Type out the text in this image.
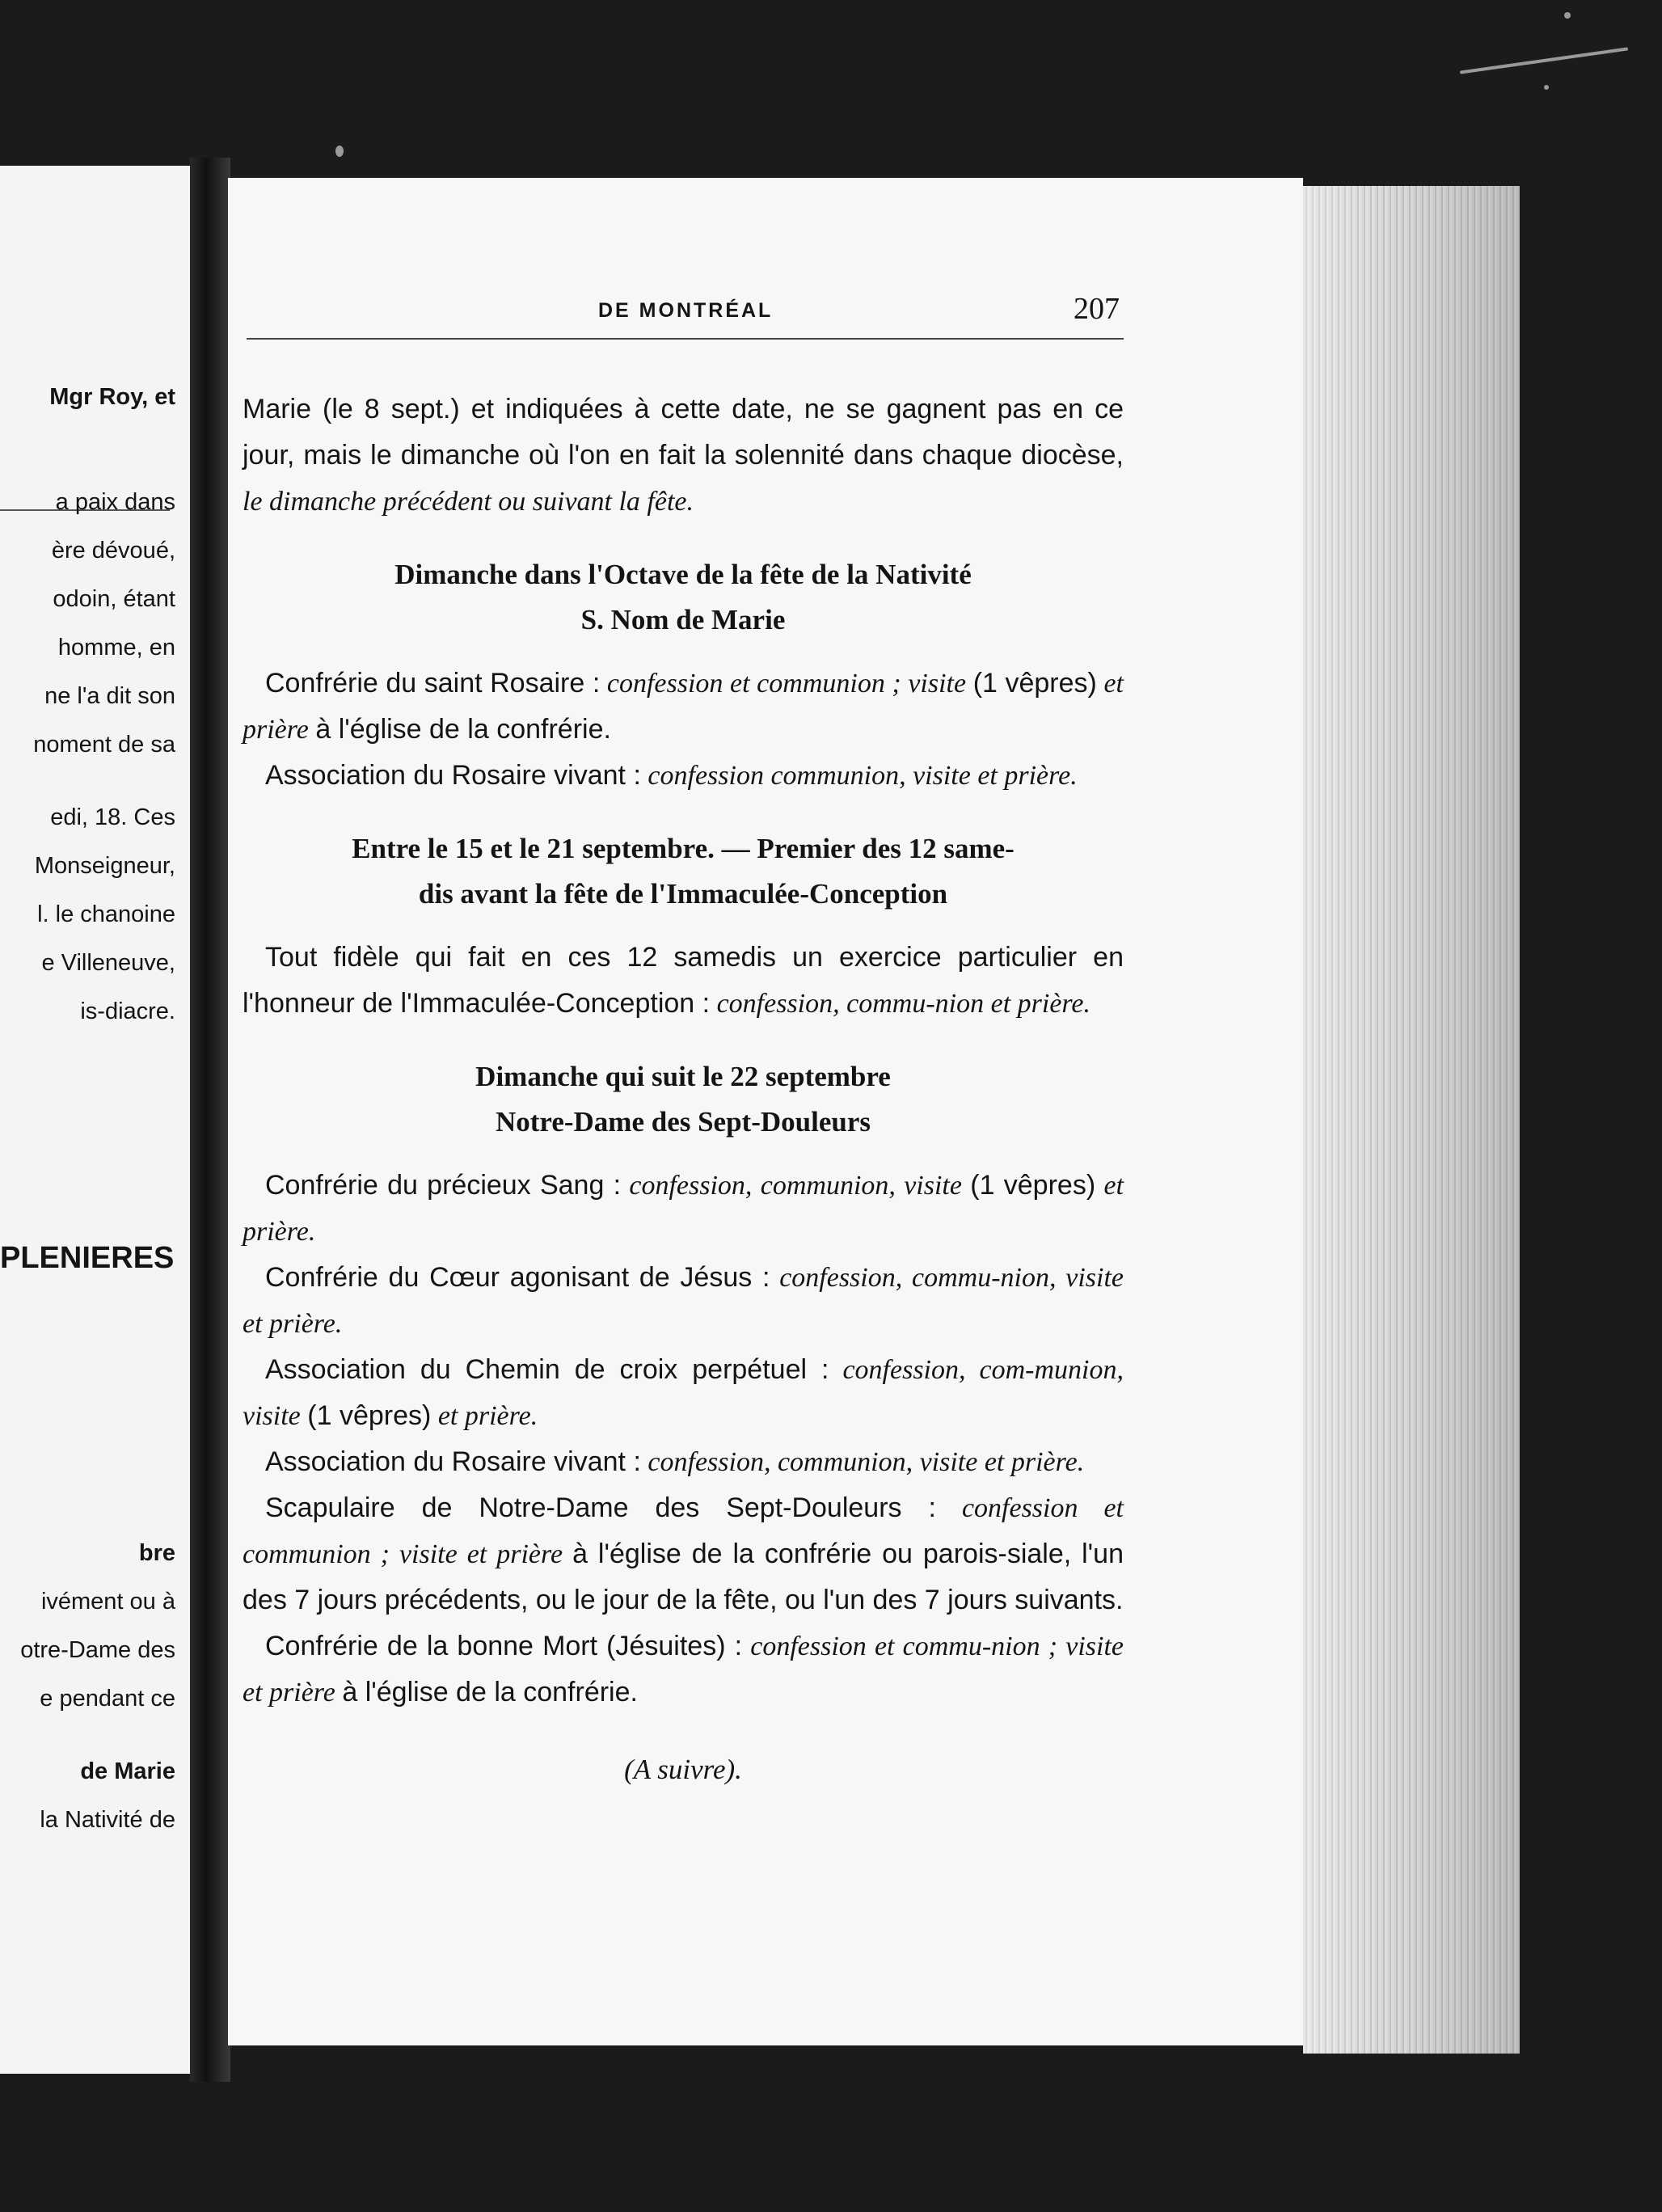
Mgr Roy, et
a paix dans
ère dévoué,
odoin, étant
homme, en
ne l'a dit son
noment de sa
edi, 18. Ces
Monseigneur,
l. le chanoine
e Villeneuve,
is-diacre.
PLENIERES
bre
ivément ou à
otre-Dame des
e pendant ce
de Marie
la Nativité de
DE MONTRÉAL	207

Marie (le 8 sept.) et indiquées à cette date, ne se gagnent pas en ce jour, mais le dimanche où l'on en fait la solennité dans chaque diocèse, le dimanche précédent ou suivant la fête.

Dimanche dans l'Octave de la fête de la Nativité
S. Nom de Marie

Confrérie du saint Rosaire : confession et communion ; visite (1 vêpres) et prière à l'église de la confrérie.

Association du Rosaire vivant : confession communion, visite et prière.

Entre le 15 et le 21 septembre. — Premier des 12 same-
dis avant la fête de l'Immaculée-Conception

Tout fidèle qui fait en ces 12 samedis un exercice particulier en l'honneur de l'Immaculée-Conception : confession, commu-nion et prière.

Dimanche qui suit le 22 septembre
Notre-Dame des Sept-Douleurs

Confrérie du précieux Sang : confession, communion, visite (1 vêpres) et prière.

Confrérie du Cœur agonisant de Jésus : confession, commu-nion, visite et prière.

Association du Chemin de croix perpétuel : confession, com-munion, visite (1 vêpres) et prière.

Association du Rosaire vivant : confession, communion, visite et prière.

Scapulaire de Notre-Dame des Sept-Douleurs : confession et communion ; visite et prière à l'église de la confrérie ou parois-siale, l'un des 7 jours précédents, ou le jour de la fête, ou l'un des 7 jours suivants.

Confrérie de la bonne Mort (Jésuites) : confession et commu-nion ; visite et prière à l'église de la confrérie.

(A suivre).
